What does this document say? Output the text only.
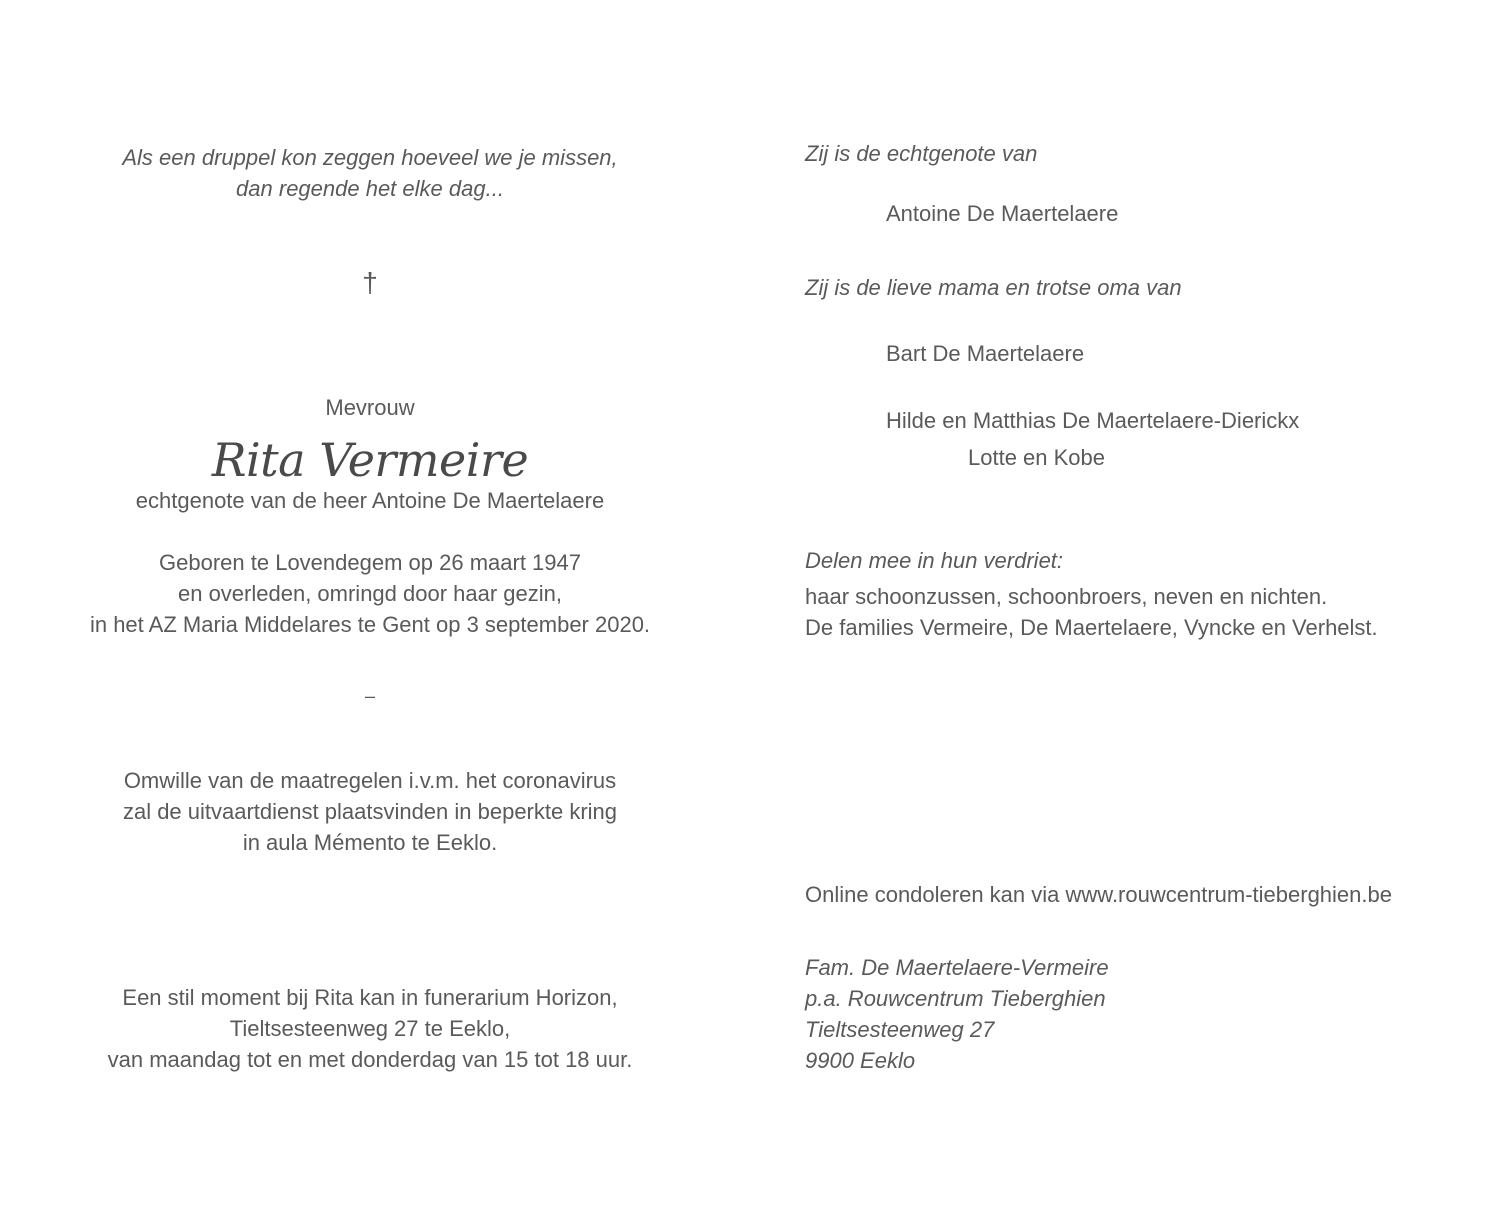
Als een druppel kon zeggen hoeveel we je missen,
dan regende het elke dag...
†
Mevrouw
Rita Vermeire
echtgenote van de heer Antoine De Maertelaere
Geboren te Lovendegem op 26 maart 1947
en overleden, omringd door haar gezin,
in het AZ Maria Middelares te Gent op 3 september 2020.
–
Omwille van de maatregelen i.v.m. het coronavirus
zal de uitvaartdienst plaatsvinden in beperkte kring
in aula Mémento te Eeklo.
Een stil moment bij Rita kan in funerarium Horizon,
Tieltsesteenweg 27 te Eeklo,
van maandag tot en met donderdag van 15 tot 18 uur.
Zij is de echtgenote van
Antoine De Maertelaere
Zij is de lieve mama en trotse oma van
Bart De Maertelaere
Hilde en Matthias De Maertelaere-Dierickx
Lotte en Kobe
Delen mee in hun verdriet:
haar schoonzussen, schoonbroers, neven en nichten.
De families Vermeire, De Maertelaere, Vyncke en Verhelst.
Online condoleren kan via www.rouwcentrum-tieberghien.be
Fam. De Maertelaere-Vermeire
p.a. Rouwcentrum Tieberghien
Tieltsesteenweg 27
9900 Eeklo
